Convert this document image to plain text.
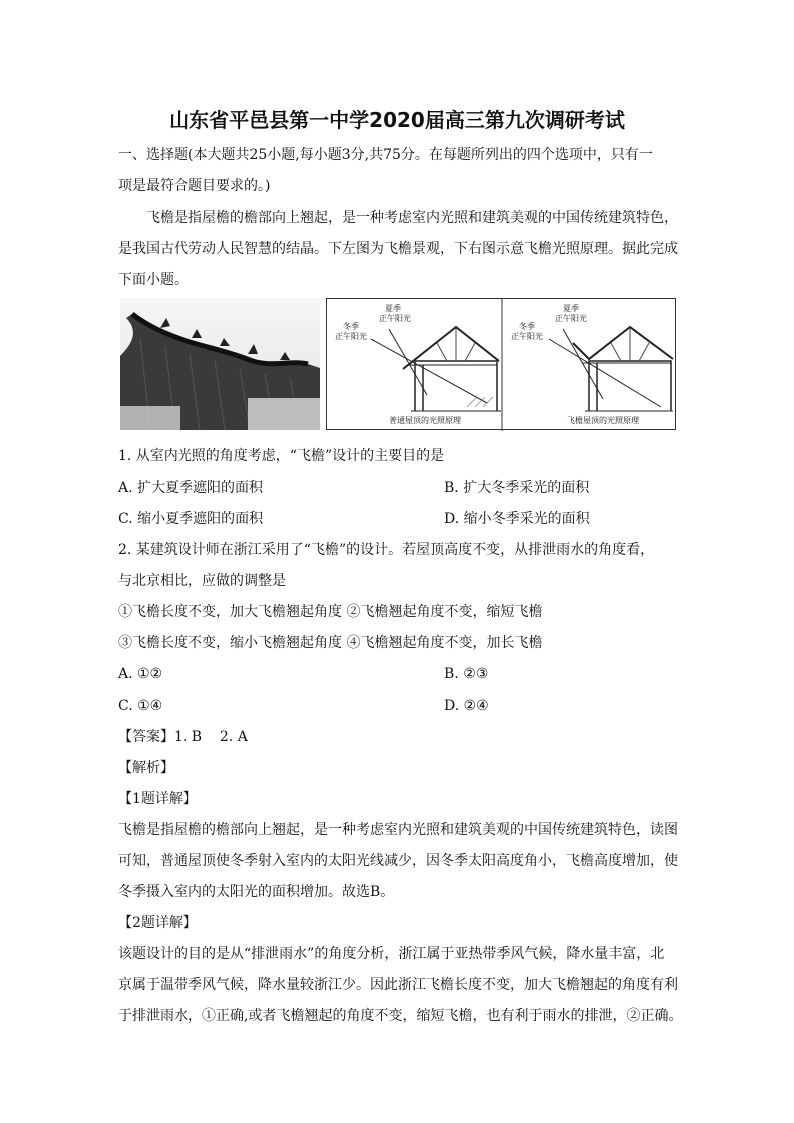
山东省平邑县第一中学2020届高三第九次调研考试
一、选择题(本大题共25小题,每小题3分,共75分。在每题所列出的四个选项中，只有一
项是最符合题目要求的。)
飞檐是指屋檐的檐部向上翘起，是一种考虑室内光照和建筑美观的中国传统建筑特色，
是我国古代劳动人民智慧的结晶。下左图为飞檐景观，下右图示意飞檐光照原理。据此完成
下面小题。
夏季
正午阳光
冬季
正午阳光
普通屋顶的光照原理
夏季
正午阳光
冬季
正午阳光
飞檐屋顶的光照原理
1. 从室内光照的角度考虑，“飞檐”设计的主要目的是
A. 扩大夏季遮阳的面积	B. 扩大冬季采光的面积
C. 缩小夏季遮阳的面积	D. 缩小冬季采光的面积
2. 某建筑设计师在浙江采用了“飞檐”的设计。若屋顶高度不变，从排泄雨水的角度看，
与北京相比，应做的调整是
①飞檐长度不变，加大飞檐翘起角度 ②飞檐翘起角度不变，缩短飞檐
③飞檐长度不变，缩小飞檐翘起角度 ④飞檐翘起角度不变，加长飞檐
A. ①②	B. ②③
C. ①④	D. ②④
【答案】1. B    2. A
【解析】
【1题详解】
飞檐是指屋檐的檐部向上翘起，是一种考虑室内光照和建筑美观的中国传统建筑特色，读图
可知，普通屋顶使冬季射入室内的太阳光线减少，因冬季太阳高度角小，飞檐高度增加，使
冬季摄入室内的太阳光的面积增加。故选B。
【2题详解】
该题设计的目的是从“排泄雨水”的角度分析，浙江属于亚热带季风气候，降水量丰富，北
京属于温带季风气候，降水量较浙江少。因此浙江飞檐长度不变，加大飞檐翘起的角度有利
于排泄雨水，①正确,或者飞檐翘起的角度不变，缩短飞檐，也有利于雨水的排泄，②正确。
